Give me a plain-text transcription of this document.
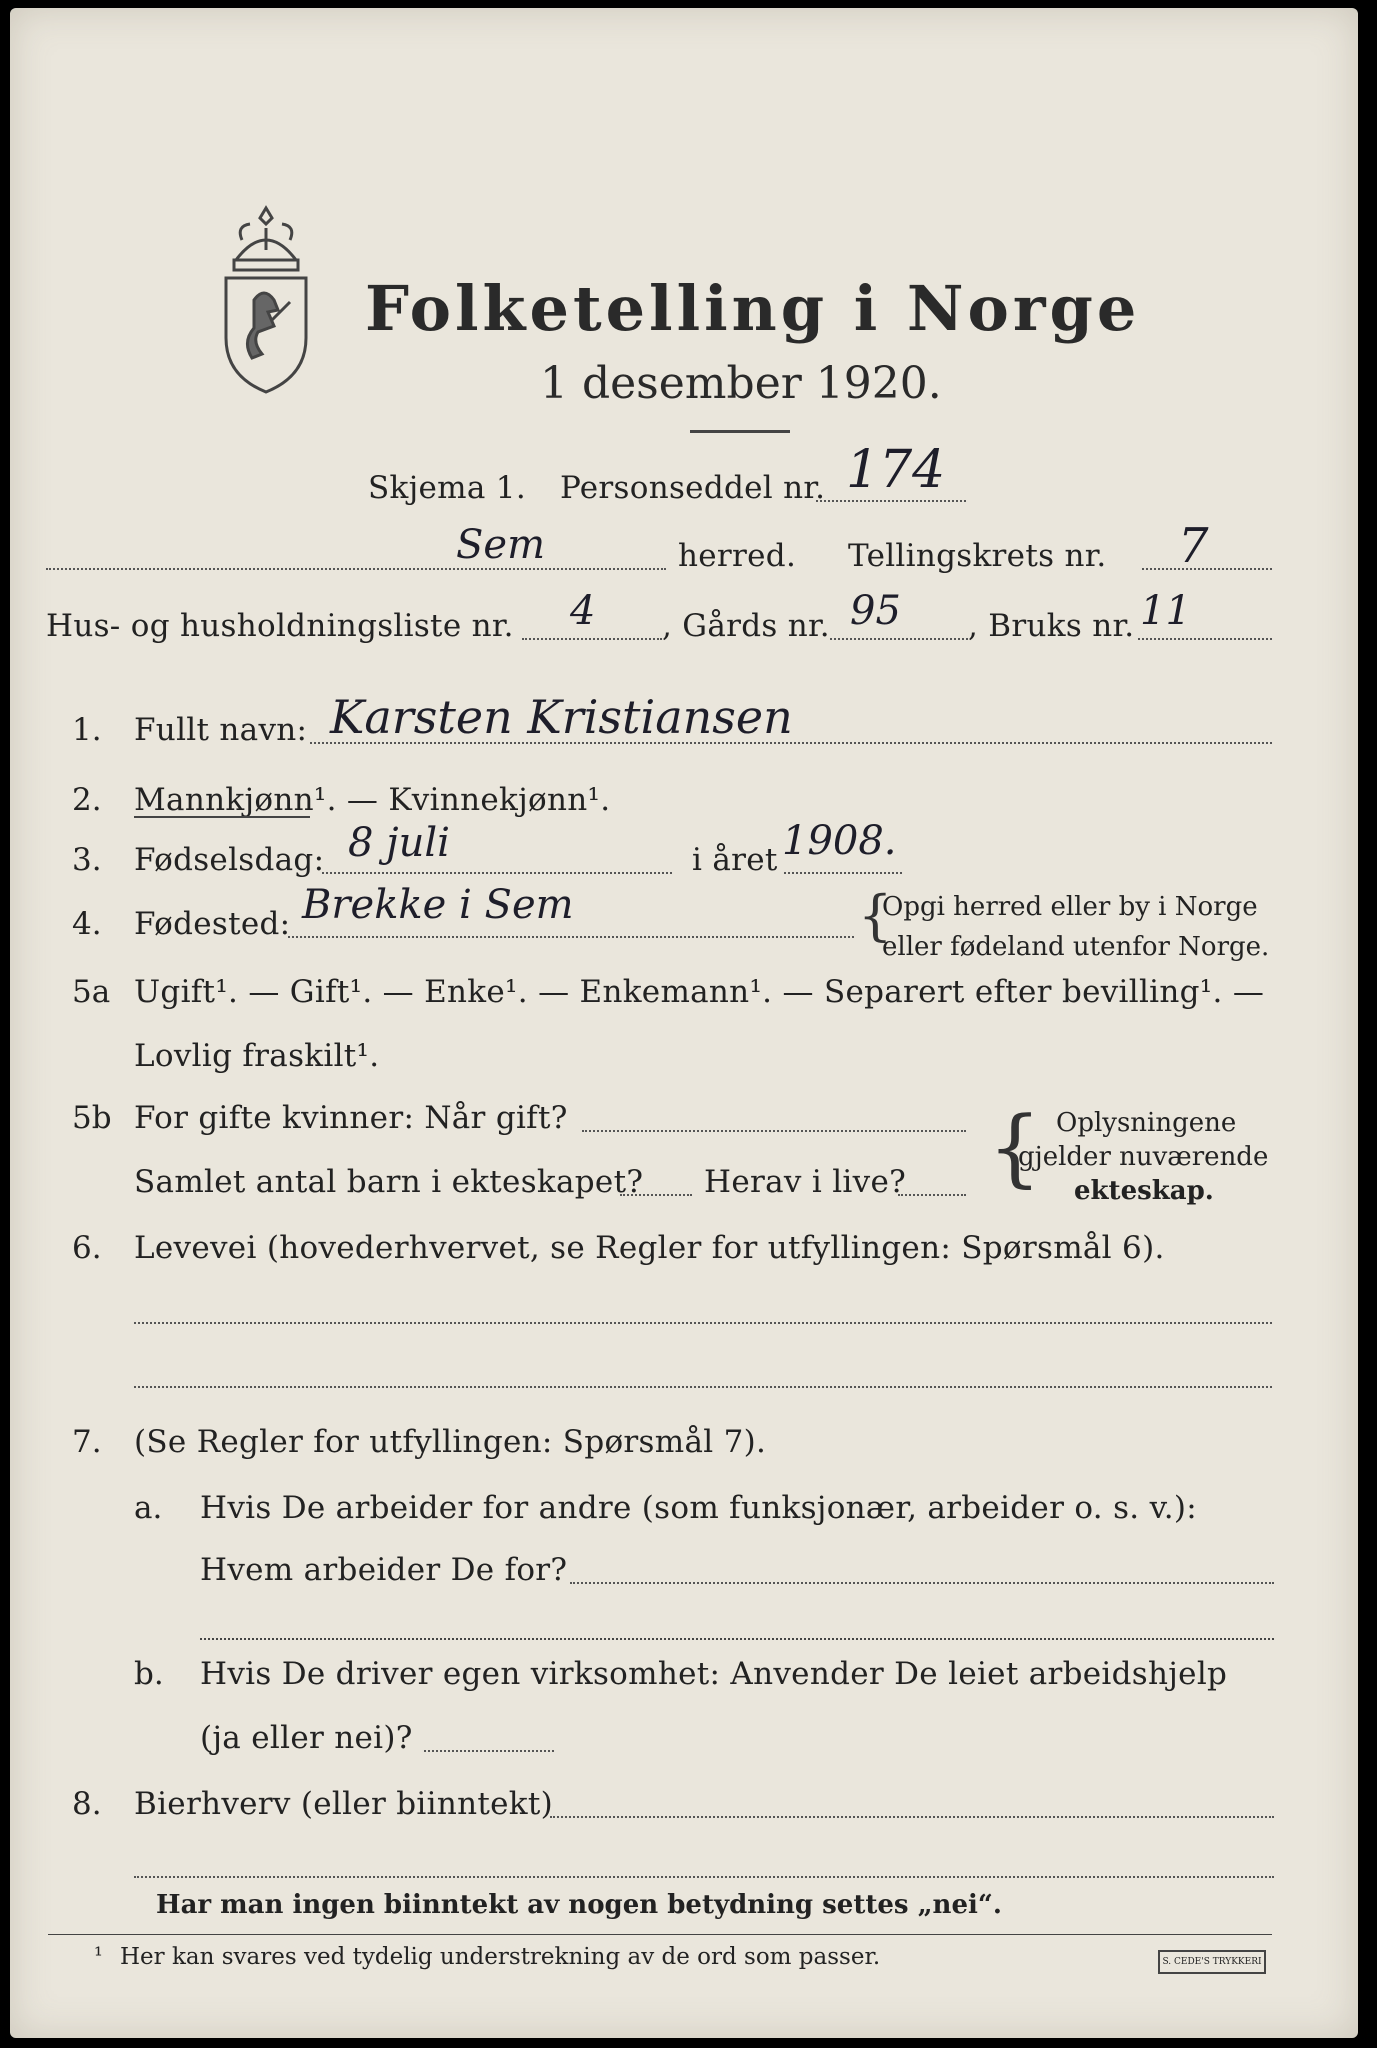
Folketelling i Norge
1 desember 1920.
Skjema 1. Personseddel nr. 174
Sem	herred. Tellingskrets nr. 7
Hus- og husholdningsliste nr. 4 , Gårds nr. 95 , Bruks nr. 11
1. Fullt navn: Karsten Kristiansen
2. Mannkjønn¹. — Kvinnekjønn¹.
3. Fødselsdag: 8 juli	i året 1908.
4. Fødested: Brekke i Sem	{
Opgi herred eller by i Norge
eller fødeland utenfor Norge.
5a Ugift¹. — Gift¹. — Enke¹. — Enkemann¹. — Separert efter bevilling¹. —
Lovlig fraskilt¹.
5b For gifte kvinner: Når gift?
Samlet antal barn i ekteskapet? Herav i live? { Oplysningene
gjelder nuværende
ekteskap.
6. Levevei (hovederhvervet, se Regler for utfyllingen: Spørsmål 6).
7. (Se Regler for utfyllingen: Spørsmål 7).
a. Hvis De arbeider for andre (som funksjonær, arbeider o. s. v.):
Hvem arbeider De for?
b. Hvis De driver egen virksomhet: Anvender De leiet arbeidshjelp
(ja eller nei)?
8. Bierhverv (eller biinntekt)
Har man ingen biinntekt av nogen betydning settes „nei“.
¹ Her kan svares ved tydelig understrekning av de ord som passer.	S. CEDE'S TRYKKERI
